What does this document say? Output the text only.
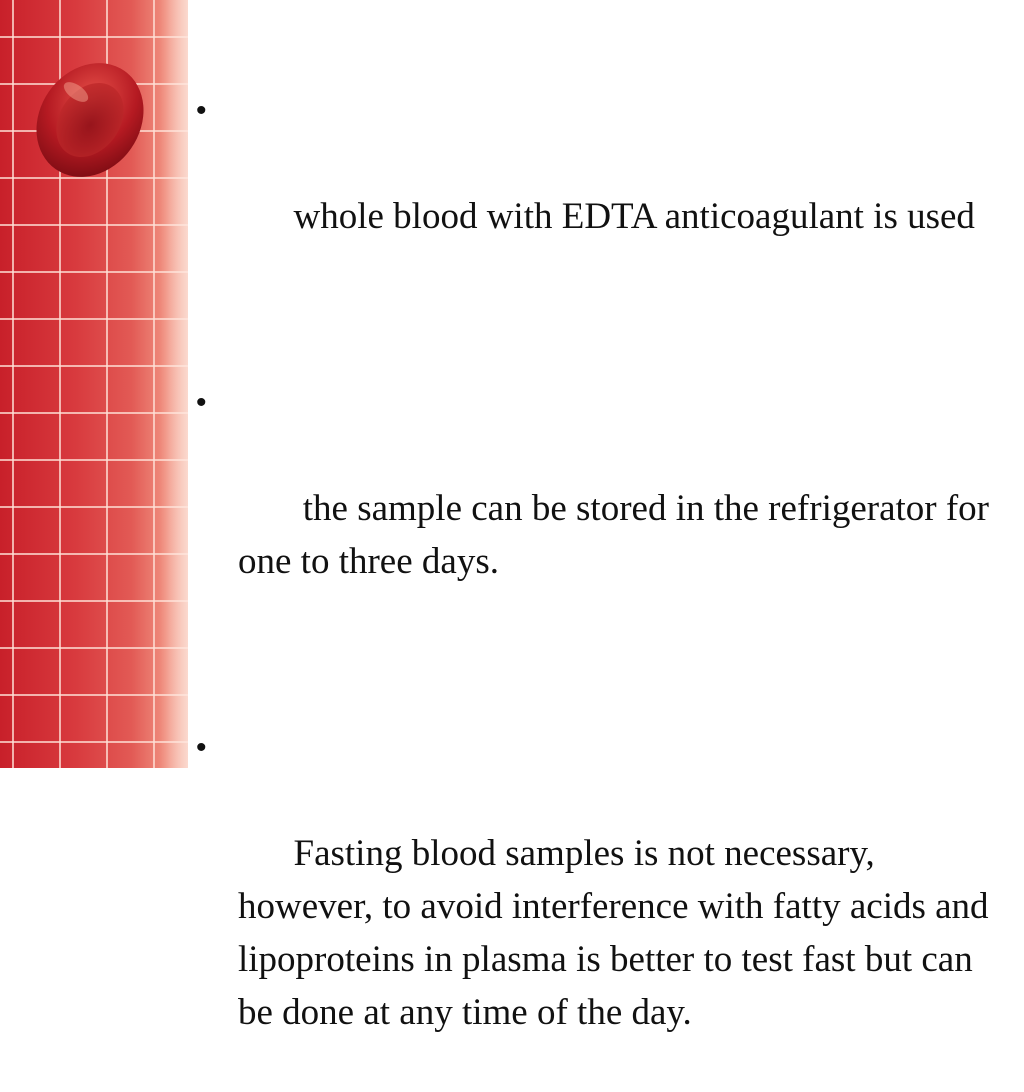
•

whole blood with EDTA anticoagulant is used

•

the sample can be stored in the refrigerator for one to three days.

•

Fasting blood samples is not necessary, however, to avoid interference with fatty acids and lipoproteins in plasma is better to test fast but can be done at any time of the day.
